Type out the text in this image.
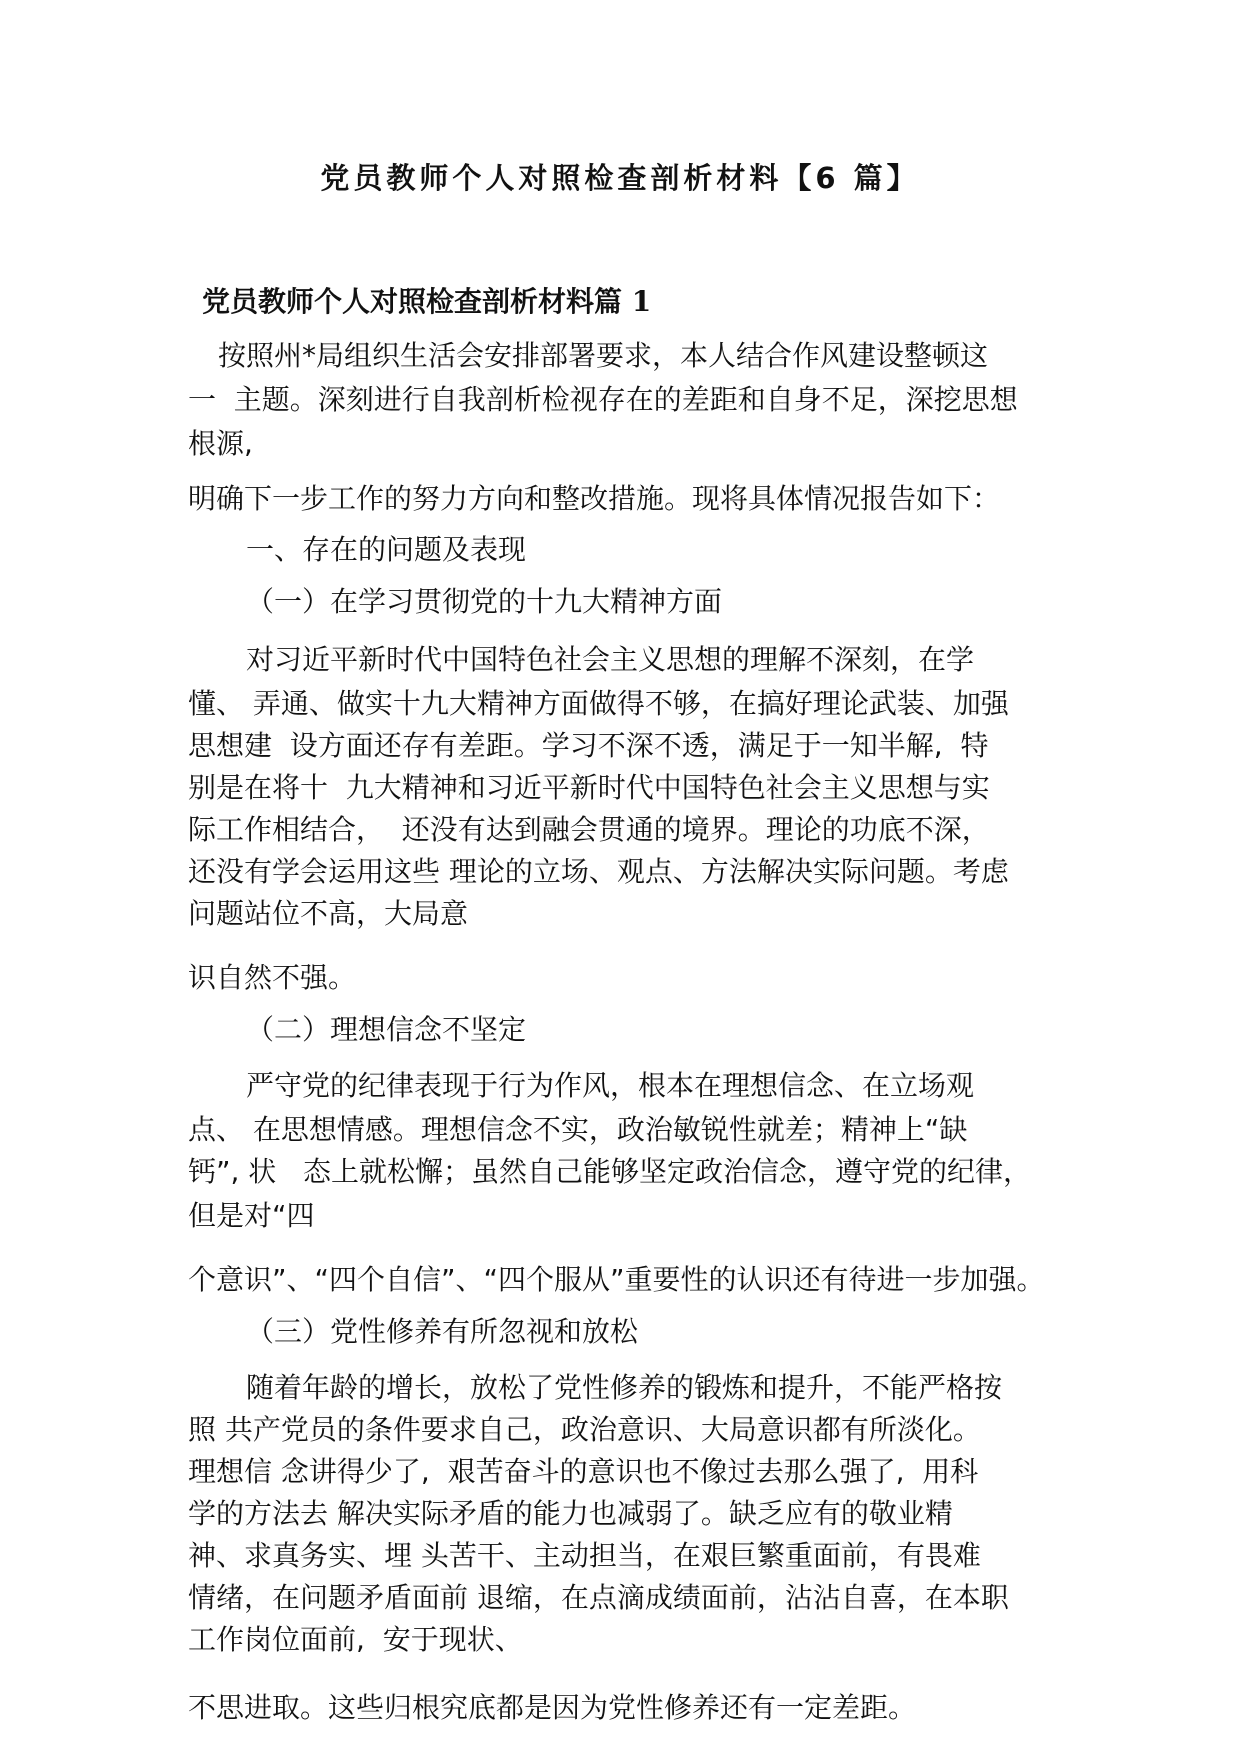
党员教师个人对照检查剖析材料【6 篇】
党员教师个人对照检查剖析材料篇 1

按照州*局组织生活会安排部署要求，本人结合作风建设整顿这

一  主题。深刻进行自我剖析检视存在的差距和自身不足，深挖思想

根源,

明确下一步工作的努力方向和整改措施。现将具体情况报告如下：

一、存在的问题及表现

（一）在学习贯彻党的十九大精神方面

对习近平新时代中国特色社会主义思想的理解不深刻，在学

懂、 弄通、做实十九大精神方面做得不够，在搞好理论武装、加强

思想建  设方面还存有差距。学习不深不透，满足于一知半解,  特

别是在将十  九大精神和习近平新时代中国特色社会主义思想与实

际工作相结合，  还没有达到融会贯通的境界。理论的功底不深，

还没有学会运用这些 理论的立场、观点、方法解决实际问题。考虑

问题站位不高，大局意

识自然不强。

（二）理想信念不坚定

严守党的纪律表现于行为作风，根本在理想信念、在立场观

点、 在思想情感。理想信念不实，政治敏锐性就差；精神上“缺

钙”, 状   态上就松懈；虽然自己能够坚定政治信念，遵守党的纪律，

但是对“四

个意识”、“四个自信”、“四个服从”重要性的认识还有待进一步加强。

（三）党性修养有所忽视和放松

随着年龄的增长，放松了党性修养的锻炼和提升，不能严格按

照 共产党员的条件要求自己，政治意识、大局意识都有所淡化。

理想信 念讲得少了,  艰苦奋斗的意识也不像过去那么强了,  用科

学的方法去 解决实际矛盾的能力也减弱了。缺乏应有的敬业精

神、求真务实、埋 头苦干、主动担当，在艰巨繁重面前，有畏难

情绪，在问题矛盾面前 退缩，在点滴成绩面前，沾沾自喜，在本职

工作岗位面前,  安于现状、

不思进取。这些归根究底都是因为党性修养还有一定差距。
